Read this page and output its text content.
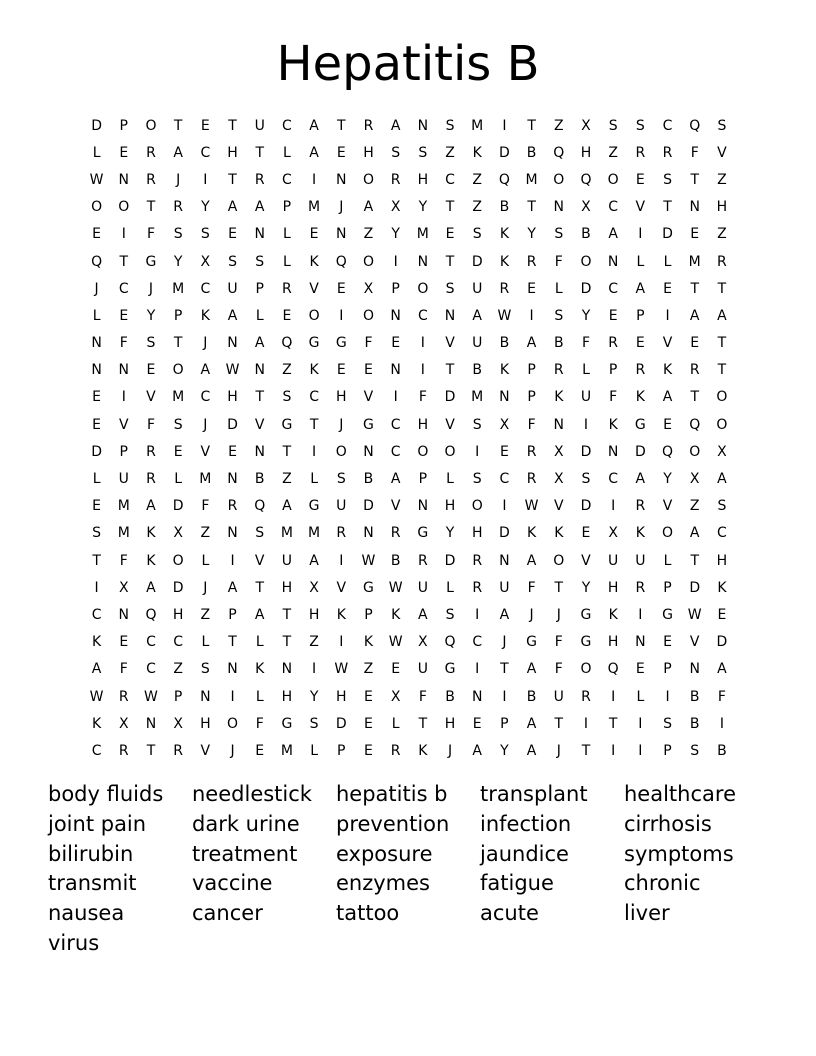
Hepatitis B
D	P	O	T	E	T	U	C	A	T	R	A	N	S	M	I	T	Z	X	S	S	C	Q	S
L	E	R	A	C	H	T	L	A	E	H	S	S	Z	K	D	B	Q	H	Z	R	R	F	V
W	N	R	J	I	T	R	C	I	N	O	R	H	C	Z	Q	M	O	Q	O	E	S	T	Z
O	O	T	R	Y	A	A	P	M	J	A	X	Y	T	Z	B	T	N	X	C	V	T	N	H
E	I	F	S	S	E	N	L	E	N	Z	Y	M	E	S	K	Y	S	B	A	I	D	E	Z
Q	T	G	Y	X	S	S	L	K	Q	O	I	N	T	D	K	R	F	O	N	L	L	M	R
J	C	J	M	C	U	P	R	V	E	X	P	O	S	U	R	E	L	D	C	A	E	T	T
L	E	Y	P	K	A	L	E	O	I	O	N	C	N	A	W	I	S	Y	E	P	I	A	A
N	F	S	T	J	N	A	Q	G	G	F	E	I	V	U	B	A	B	F	R	E	V	E	T
N	N	E	O	A	W	N	Z	K	E	E	N	I	T	B	K	P	R	L	P	R	K	R	T
E	I	V	M	C	H	T	S	C	H	V	I	F	D	M	N	P	K	U	F	K	A	T	O
E	V	F	S	J	D	V	G	T	J	G	C	H	V	S	X	F	N	I	K	G	E	Q	O
D	P	R	E	V	E	N	T	I	O	N	C	O	O	I	E	R	X	D	N	D	Q	O	X
L	U	R	L	M	N	B	Z	L	S	B	A	P	L	S	C	R	X	S	C	A	Y	X	A
E	M	A	D	F	R	Q	A	G	U	D	V	N	H	O	I	W	V	D	I	R	V	Z	S
S	M	K	X	Z	N	S	M	M	R	N	R	G	Y	H	D	K	K	E	X	K	O	A	C
T	F	K	O	L	I	V	U	A	I	W	B	R	D	R	N	A	O	V	U	U	L	T	H
I	X	A	D	J	A	T	H	X	V	G	W	U	L	R	U	F	T	Y	H	R	P	D	K
C	N	Q	H	Z	P	A	T	H	K	P	K	A	S	I	A	J	J	G	K	I	G	W	E
K	E	C	C	L	T	L	T	Z	I	K	W	X	Q	C	J	G	F	G	H	N	E	V	D
A	F	C	Z	S	N	K	N	I	W	Z	E	U	G	I	T	A	F	O	Q	E	P	N	A
W	R	W	P	N	I	L	H	Y	H	E	X	F	B	N	I	B	U	R	I	L	I	B	F
K	X	N	X	H	O	F	G	S	D	E	L	T	H	E	P	A	T	I	T	I	S	B	I
C	R	T	R	V	J	E	M	L	P	E	R	K	J	A	Y	A	J	T	I	I	P	S	B
body fluids	needlestick	hepatitis b	transplant	healthcare
joint pain	dark urine	prevention	infection	cirrhosis
bilirubin	treatment	exposure	jaundice	symptoms
transmit	vaccine	enzymes	fatigue	chronic
nausea	cancer	tattoo	acute	liver
virus
